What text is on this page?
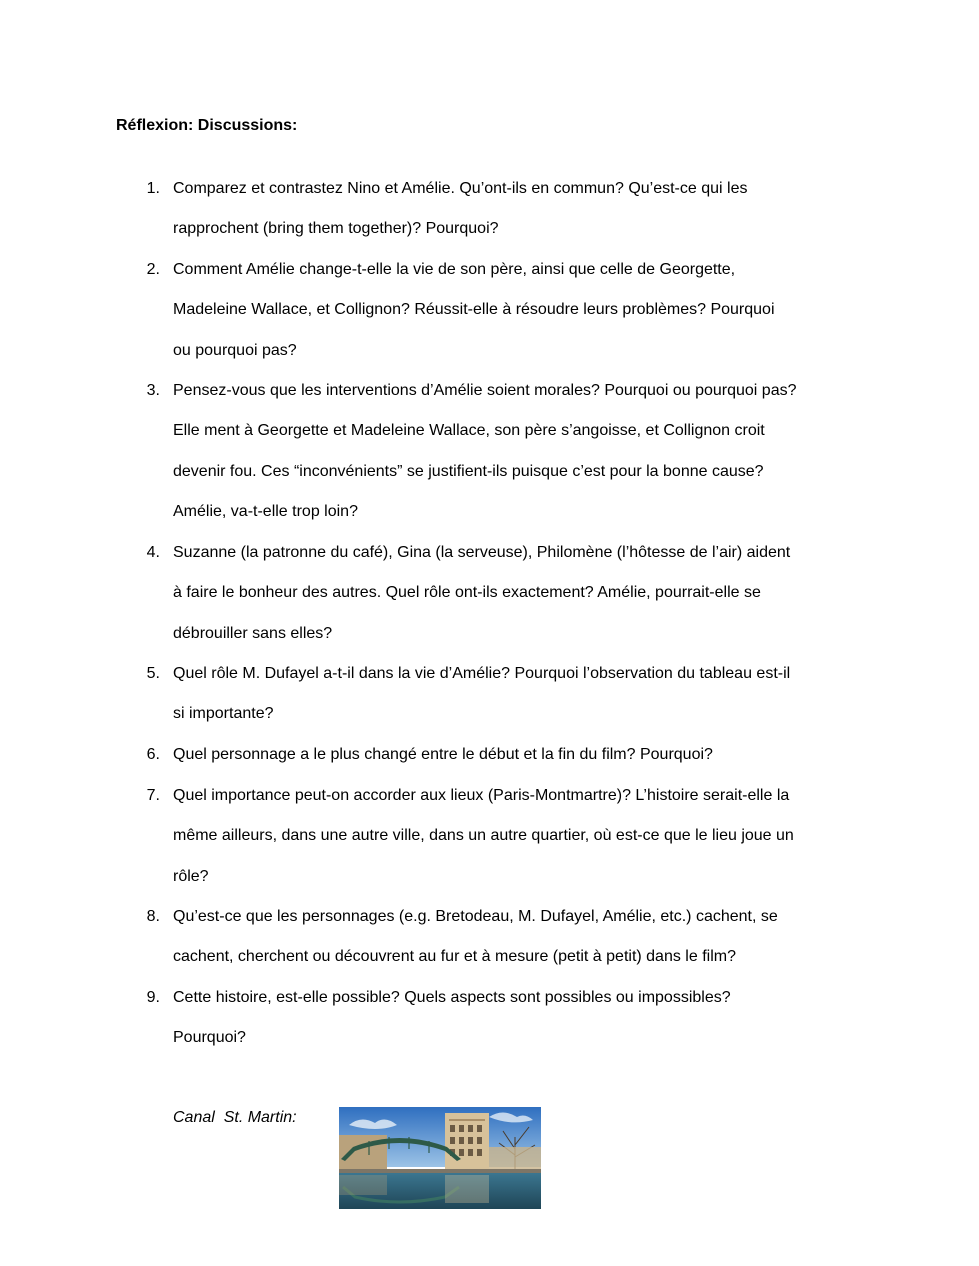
Réflexion: Discussions:
1. Comparez et contrastez Nino et Amélie. Qu’ont-ils en commun? Qu’est-ce qui les
rapprochent (bring them together)? Pourquoi?
2. Comment Amélie change-t-elle la vie de son père, ainsi que celle de Georgette,
Madeleine Wallace, et Collignon? Réussit-elle à résoudre leurs problèmes? Pourquoi
ou pourquoi pas?
3. Pensez-vous que les interventions d’Amélie soient morales? Pourquoi ou pourquoi pas?
Elle ment à Georgette et Madeleine Wallace, son père s’angoisse, et Collignon croit
devenir fou. Ces “inconvénients” se justifient-ils puisque c’est pour la bonne cause?
Amélie, va-t-elle trop loin?
4. Suzanne (la patronne du café), Gina (la serveuse), Philomène (l’hôtesse de l’air) aident
à faire le bonheur des autres. Quel rôle ont-ils exactement? Amélie, pourrait-elle se
débrouiller sans elles?
5. Quel rôle M. Dufayel a-t-il dans la vie d’Amélie? Pourquoi l’observation du tableau est-il
si importante?
6. Quel personnage a le plus changé entre le début et la fin du film? Pourquoi?
7. Quel importance peut-on accorder aux lieux (Paris-Montmartre)? L’histoire serait-elle la
même ailleurs, dans une autre ville, dans un autre quartier, où est-ce que le lieu joue un
rôle?
8. Qu’est-ce que les personnages (e.g. Bretodeau, M. Dufayel, Amélie, etc.) cachent, se
cachent, cherchent ou découvrent au fur et à mesure (petit à petit) dans le film?
9. Cette histoire, est-elle possible? Quels aspects sont possibles ou impossibles?
Pourquoi?
Canal  St. Martin:
